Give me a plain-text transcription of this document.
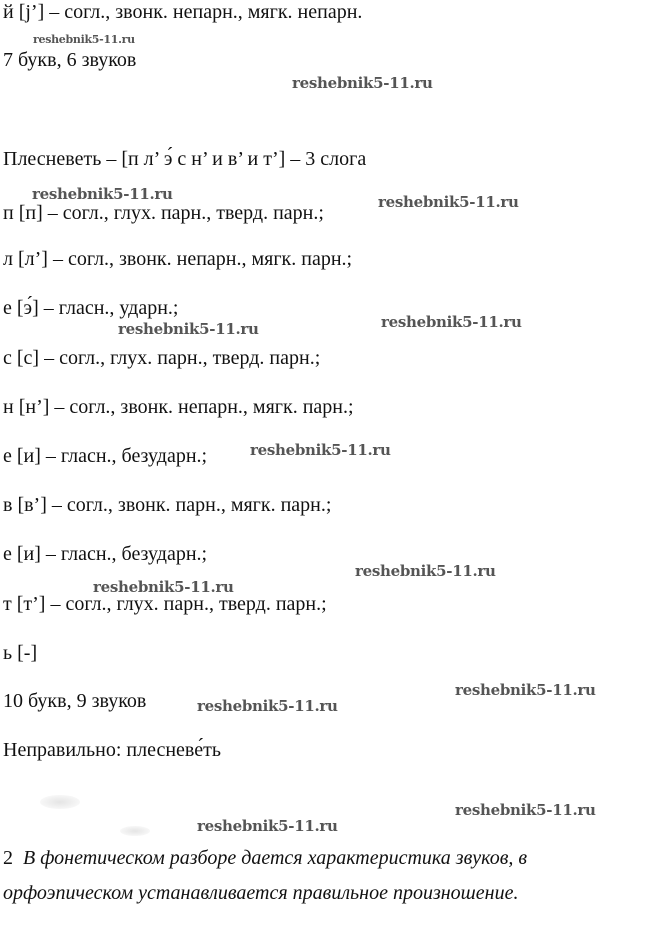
й [j’] – согл., звонк. непарн., мягк. непарн.
7 букв, 6 звуков
Плесневеть – [п л’ э́ с н’ и в’ и т’] – 3 слога
п [п] – согл., глух. парн., тверд. парн.;
л [л’] – согл., звонк. непарн., мягк. парн.;
е [э́] – гласн., ударн.;
с [с] – согл., глух. парн., тверд. парн.;
н [н’] – согл., звонк. непарн., мягк. парн.;
е [и] – гласн., безударн.;
в [в’] – согл., звонк. парн., мягк. парн.;
е [и] – гласн., безударн.;
т [т’] – согл., глух. парн., тверд. парн.;
ь [-]
10 букв, 9 звуков
Неправильно: плесневе́ть
2 В фонетическом разборе дается характеристика звуков, в
орфоэпическом устанавливается правильное произношение.
reshebnik5-11.ru
reshebnik5-11.ru
reshebnik5-11.ru	reshebnik5-11.ru
reshebnik5-11.ru	reshebnik5-11.ru
reshebnik5-11.ru
reshebnik5-11.ru
reshebnik5-11.ru
reshebnik5-11.ru
reshebnik5-11.ru
reshebnik5-11.ru
reshebnik5-11.ru
